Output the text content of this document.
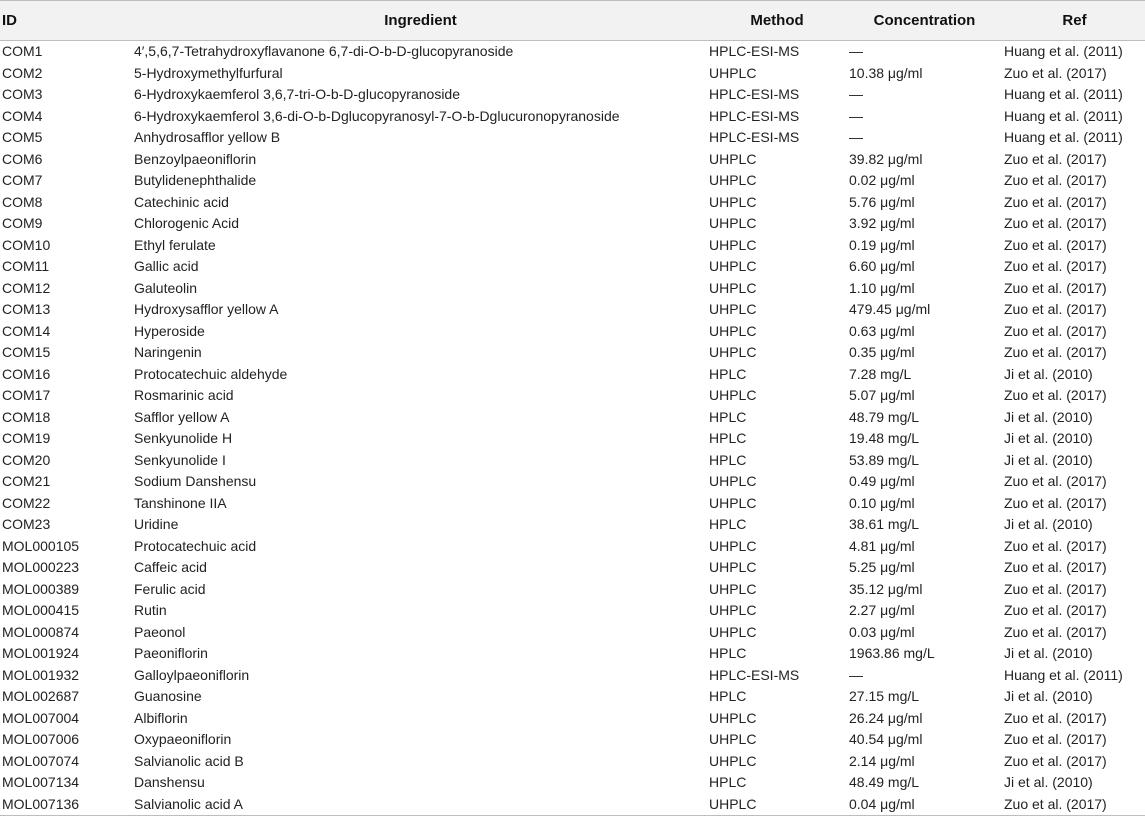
ID	Ingredient	Method	Concentration	Ref
COM1	4′,5,6,7-Tetrahydroxyflavanone 6,7-di-O-b-D-glucopyranoside	HPLC-ESI-MS	—	Huang et al. (2011)
COM2	5-Hydroxymethylfurfural	UHPLC	10.38 μg/ml	Zuo et al. (2017)
COM3	6-Hydroxykaemferol 3,6,7-tri-O-b-D-glucopyranoside	HPLC-ESI-MS	—	Huang et al. (2011)
COM4	6-Hydroxykaemferol 3,6-di-O-b-Dglucopyranosyl-7-O-b-Dglucuronopyranoside	HPLC-ESI-MS	—	Huang et al. (2011)
COM5	Anhydrosafflor yellow B	HPLC-ESI-MS	—	Huang et al. (2011)
COM6	Benzoylpaeoniflorin	UHPLC	39.82 μg/ml	Zuo et al. (2017)
COM7	Butylidenephthalide	UHPLC	0.02 μg/ml	Zuo et al. (2017)
COM8	Catechinic acid	UHPLC	5.76 μg/ml	Zuo et al. (2017)
COM9	Chlorogenic Acid	UHPLC	3.92 μg/ml	Zuo et al. (2017)
COM10	Ethyl ferulate	UHPLC	0.19 μg/ml	Zuo et al. (2017)
COM11	Gallic acid	UHPLC	6.60 μg/ml	Zuo et al. (2017)
COM12	Galuteolin	UHPLC	1.10 μg/ml	Zuo et al. (2017)
COM13	Hydroxysafflor yellow A	UHPLC	479.45 μg/ml	Zuo et al. (2017)
COM14	Hyperoside	UHPLC	0.63 μg/ml	Zuo et al. (2017)
COM15	Naringenin	UHPLC	0.35 μg/ml	Zuo et al. (2017)
COM16	Protocatechuic aldehyde	HPLC	7.28 mg/L	Ji et al. (2010)
COM17	Rosmarinic acid	UHPLC	5.07 μg/ml	Zuo et al. (2017)
COM18	Safflor yellow A	HPLC	48.79 mg/L	Ji et al. (2010)
COM19	Senkyunolide H	HPLC	19.48 mg/L	Ji et al. (2010)
COM20	Senkyunolide I	HPLC	53.89 mg/L	Ji et al. (2010)
COM21	Sodium Danshensu	UHPLC	0.49 μg/ml	Zuo et al. (2017)
COM22	Tanshinone IIA	UHPLC	0.10 μg/ml	Zuo et al. (2017)
COM23	Uridine	HPLC	38.61 mg/L	Ji et al. (2010)
MOL000105	Protocatechuic acid	UHPLC	4.81 μg/ml	Zuo et al. (2017)
MOL000223	Caffeic acid	UHPLC	5.25 μg/ml	Zuo et al. (2017)
MOL000389	Ferulic acid	UHPLC	35.12 μg/ml	Zuo et al. (2017)
MOL000415	Rutin	UHPLC	2.27 μg/ml	Zuo et al. (2017)
MOL000874	Paeonol	UHPLC	0.03 μg/ml	Zuo et al. (2017)
MOL001924	Paeoniflorin	HPLC	1963.86 mg/L	Ji et al. (2010)
MOL001932	Galloylpaeoniflorin	HPLC-ESI-MS	—	Huang et al. (2011)
MOL002687	Guanosine	HPLC	27.15 mg/L	Ji et al. (2010)
MOL007004	Albiflorin	UHPLC	26.24 μg/ml	Zuo et al. (2017)
MOL007006	Oxypaeoniflorin	UHPLC	40.54 μg/ml	Zuo et al. (2017)
MOL007074	Salvianolic acid B	UHPLC	2.14 μg/ml	Zuo et al. (2017)
MOL007134	Danshensu	HPLC	48.49 mg/L	Ji et al. (2010)
MOL007136	Salvianolic acid A	UHPLC	0.04 μg/ml	Zuo et al. (2017)
